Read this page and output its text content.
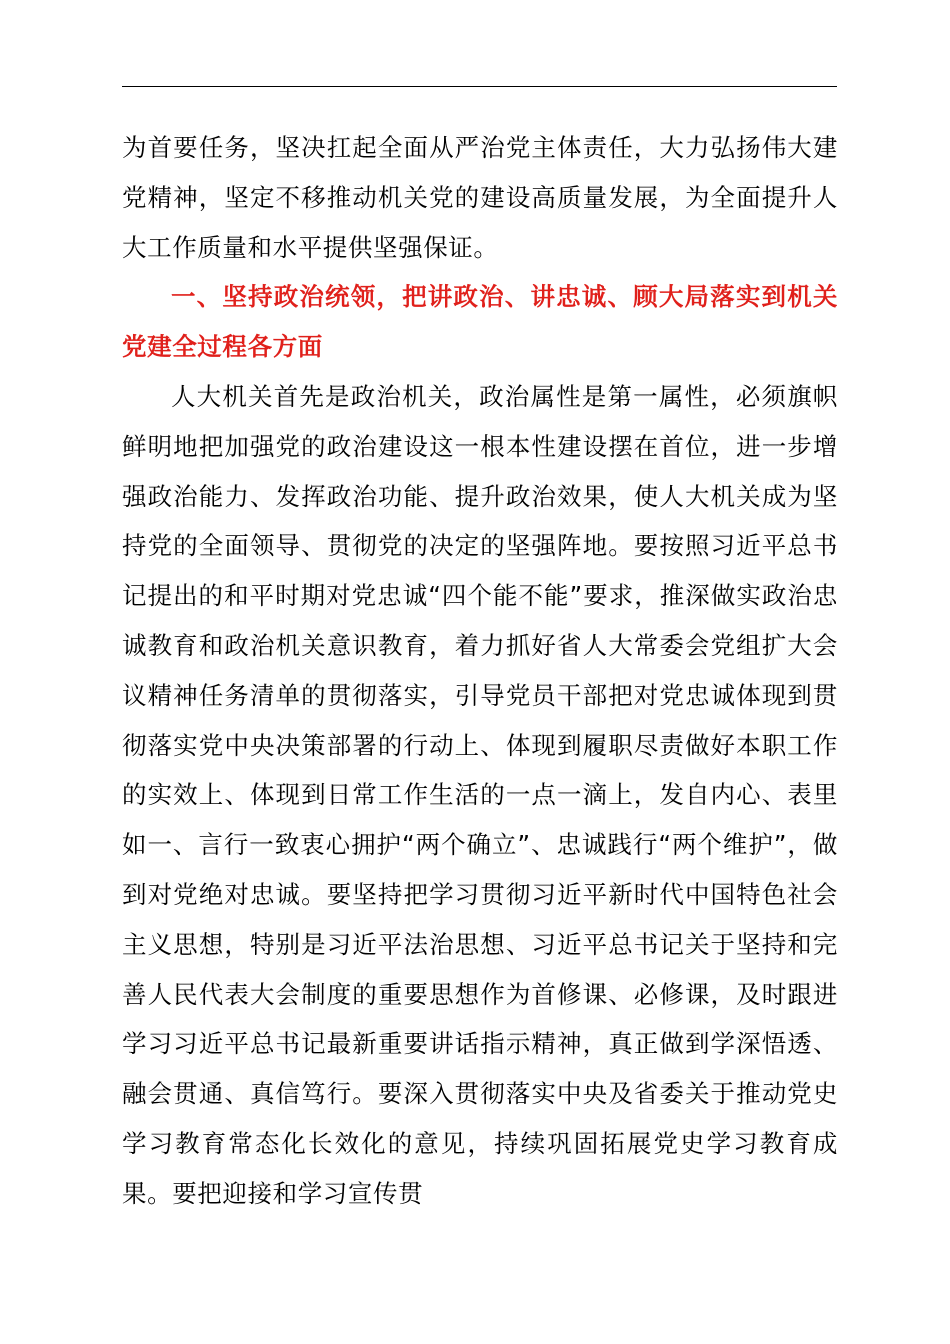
为首要任务，坚决扛起全面从严治党主体责任，大力弘扬伟大建党精神，坚定不移推动机关党的建设高质量发展，为全面提升人大工作质量和水平提供坚强保证。

一、坚持政治统领，把讲政治、讲忠诚、顾大局落实到机关党建全过程各方面

人大机关首先是政治机关，政治属性是第一属性，必须旗帜鲜明地把加强党的政治建设这一根本性建设摆在首位，进一步增强政治能力、发挥政治功能、提升政治效果，使人大机关成为坚持党的全面领导、贯彻党的决定的坚强阵地。要按照习近平总书记提出的和平时期对党忠诚“四个能不能”要求，推深做实政治忠诚教育和政治机关意识教育，着力抓好省人大常委会党组扩大会议精神任务清单的贯彻落实，引导党员干部把对党忠诚体现到贯彻落实党中央决策部署的行动上、体现到履职尽责做好本职工作的实效上、体现到日常工作生活的一点一滴上，发自内心、表里如一、言行一致衷心拥护“两个确立”、忠诚践行“两个维护”，做到对党绝对忠诚。要坚持把学习贯彻习近平新时代中国特色社会主义思想，特别是习近平法治思想、习近平总书记关于坚持和完善人民代表大会制度的重要思想作为首修课、必修课，及时跟进学习习近平总书记最新重要讲话指示精神，真正做到学深悟透、融会贯通、真信笃行。要深入贯彻落实中央及省委关于推动党史学习教育常态化长效化的意见，持续巩固拓展党史学习教育成果。要把迎接和学习宣传贯
